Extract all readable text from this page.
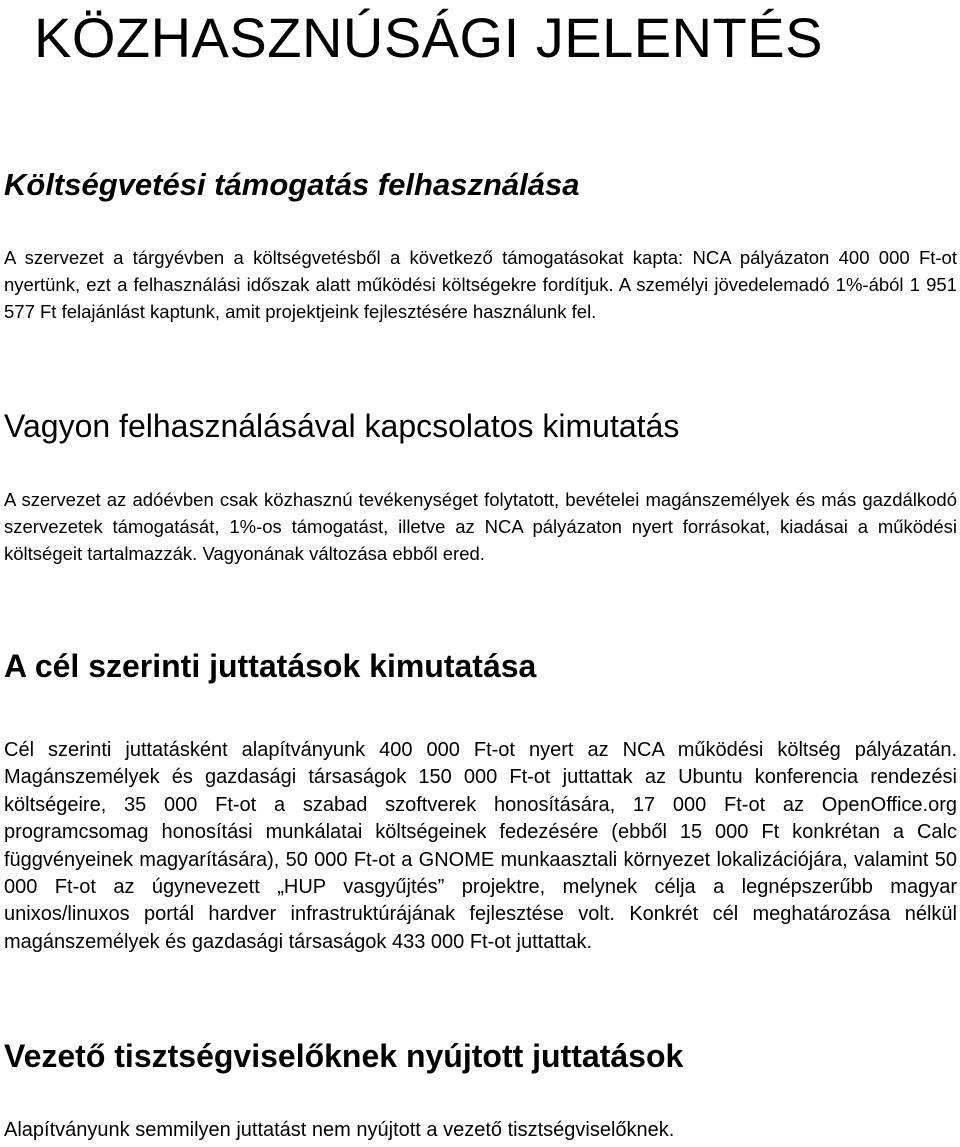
KÖZHASZNÚSÁGI JELENTÉS
Költségvetési támogatás felhasználása

A szervezet a tárgyévben a költségvetésből a következő támogatásokat kapta: NCA pályázaton 400 000 Ft-ot nyertünk, ezt a felhasználási időszak alatt működési költségekre fordítjuk. A személyi jövedelemadó 1%-ából 1 951 577 Ft felajánlást kaptunk, amit projektjeink fejlesztésére használunk fel.

Vagyon felhasználásával kapcsolatos kimutatás

A szervezet az adóévben csak közhasznú tevékenységet folytatott, bevételei magánszemélyek és más gazdálkodó szervezetek támogatását, 1%-os támogatást, illetve az NCA pályázaton nyert forrásokat, kiadásai a működési költségeit tartalmazzák. Vagyonának változása ebből ered.

A cél szerinti juttatások kimutatása

Cél szerinti juttatásként alapítványunk 400 000 Ft-ot nyert az NCA működési költség pályázatán. Magánszemélyek és gazdasági társaságok 150 000 Ft-ot juttattak az Ubuntu konferencia rendezési költségeire, 35 000 Ft-ot a szabad szoftverek honosítására, 17 000 Ft-ot az OpenOffice.org programcsomag honosítási munkálatai költségeinek fedezésére (ebből 15 000 Ft konkrétan a Calc függvényeinek magyarítására), 50 000 Ft-ot a GNOME munkaasztali környezet lokalizációjára, valamint 50 000 Ft-ot az úgynevezett „HUP vasgyűjtés” projektre, melynek célja a legnépszerűbb magyar unixos/linuxos portál hardver infrastruktúrájának fejlesztése volt. Konkrét cél meghatározása nélkül magánszemélyek és gazdasági társaságok 433 000 Ft-ot juttattak.

Vezető tisztségviselőknek nyújtott juttatások

Alapítványunk semmilyen juttatást nem nyújtott a vezető tisztségviselőknek.
